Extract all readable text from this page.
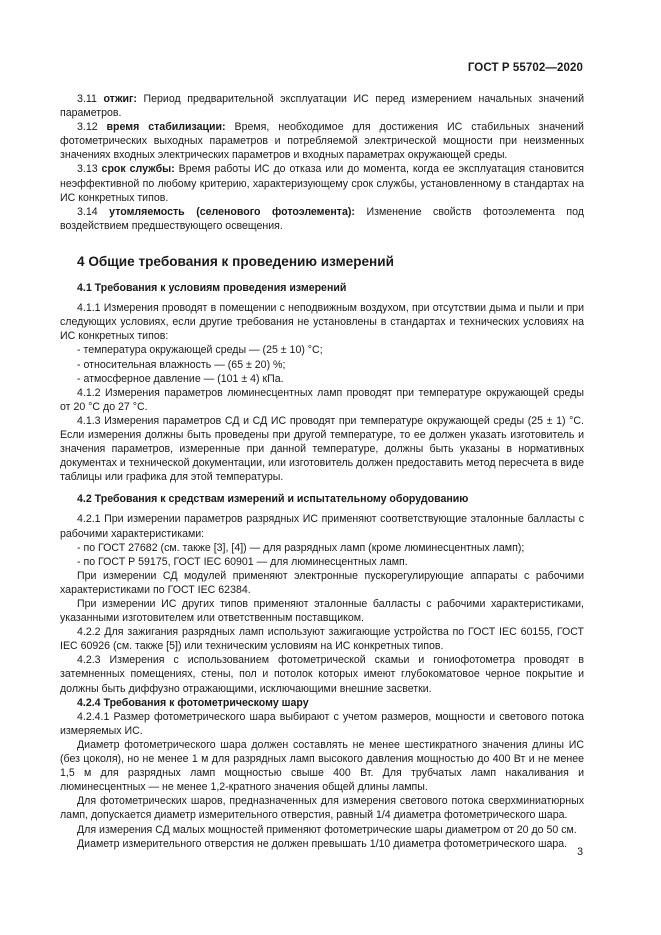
ГОСТ Р 55702—2020

3.11 отжиг: Период предварительной эксплуатации ИС перед измерением начальных значений параметров.

3.12 время стабилизации: Время, необходимое для достижения ИС стабильных значений фотометрических выходных параметров и потребляемой электрической мощности при неизменных значениях входных электрических параметров и входных параметрах окружающей среды.

3.13 срок службы: Время работы ИС до отказа или до момента, когда ее эксплуатация становится неэффективной по любому критерию, характеризующему срок службы, установленному в стандартах на ИС конкретных типов.

3.14 утомляемость (селенового фотоэлемента): Изменение свойств фотоэлемента под воздействием предшествующего освещения.

4 Общие требования к проведению измерений
4.1 Требования к условиям проведения измерений

4.1.1 Измерения проводят в помещении с неподвижным воздухом, при отсутствии дыма и пыли и при следующих условиях, если другие требования не установлены в стандартах и технических условиях на ИС конкретных типов:

- температура окружающей среды — (25 ± 10) °С;

- относительная влажность — (65 ± 20) %;

- атмосферное давление — (101 ± 4) кПа.

4.1.2 Измерения параметров люминесцентных ламп проводят при температуре окружающей среды от 20 °С до 27 °С.

4.1.3 Измерения параметров СД и СД ИС проводят при температуре окружающей среды (25 ± 1) °С. Если измерения должны быть проведены при другой температуре, то ее должен указать изготовитель и значения параметров, измеренные при данной температуре, должны быть указаны в нормативных документах и технической документации, или изготовитель должен предоставить метод пересчета в виде таблицы или графика для этой температуры.

4.2 Требования к средствам измерений и испытательному оборудованию

4.2.1 При измерении параметров разрядных ИС применяют соответствующие эталонные балласты с рабочими характеристиками:

- по ГОСТ 27682 (см. также [3], [4]) — для разрядных ламп (кроме люминесцентных ламп);

- по ГОСТ Р 59175, ГОСТ IEC 60901 — для люминесцентных ламп.

При измерении СД модулей применяют электронные пускорегулирующие аппараты с рабочими характеристиками по ГОСТ IEC 62384.

При измерении ИС других типов применяют эталонные балласты с рабочими характеристиками, указанными изготовителем или ответственным поставщиком.

4.2.2 Для зажигания разрядных ламп используют зажигающие устройства по ГОСТ IEC 60155, ГОСТ IEC 60926 (см. также [5]) или техническим условиям на ИС конкретных типов.

4.2.3 Измерения с использованием фотометрической скамьи и гониофотометра проводят в затемненных помещениях, стены, пол и потолок которых имеют глубокоматовое черное покрытие и должны быть диффузно отражающими, исключающими внешние засветки.

4.2.4 Требования к фотометрическому шару

4.2.4.1 Размер фотометрического шара выбирают с учетом размеров, мощности и светового потока измеряемых ИС.

Диаметр фотометрического шара должен составлять не менее шестикратного значения длины ИС (без цоколя), но не менее 1 м для разрядных ламп высокого давления мощностью до 400 Вт и не менее 1,5 м для разрядных ламп мощностью свыше 400 Вт. Для трубчатых ламп накаливания и люминесцентных — не менее 1,2-кратного значения общей длины лампы.

Для фотометрических шаров, предназначенных для измерения светового потока сверхминиатюрных ламп, допускается диаметр измерительного отверстия, равный 1/4 диаметра фотометрического шара.

Для измерения СД малых мощностей применяют фотометрические шары диаметром от 20 до 50 см.

Диаметр измерительного отверстия не должен превышать 1/10 диаметра фотометрического шара.

3
